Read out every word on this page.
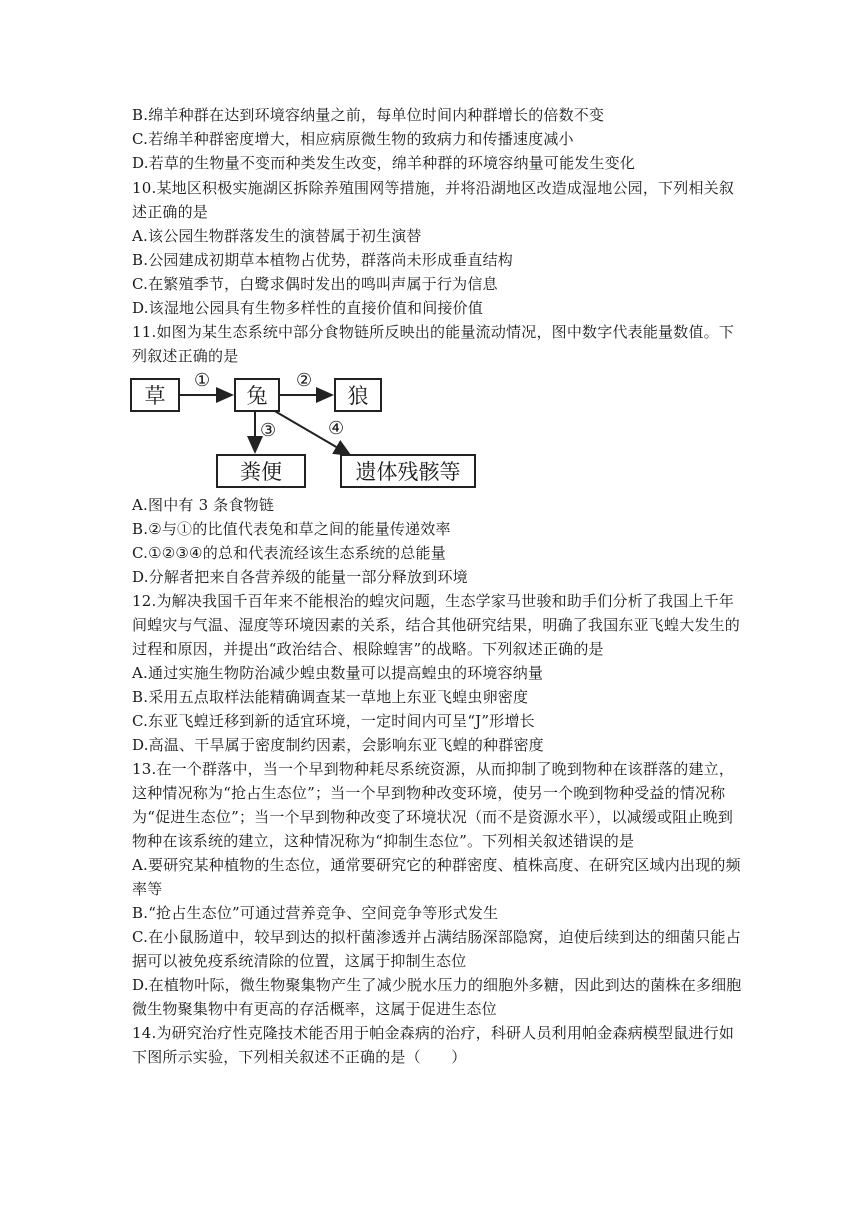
B.绵羊种群在达到环境容纳量之前，每单位时间内种群增长的倍数不变
C.若绵羊种群密度增大，相应病原微生物的致病力和传播速度减小
D.若草的生物量不变而种类发生改变，绵羊种群的环境容纳量可能发生变化
10.某地区积极实施湖区拆除养殖围网等措施，并将沿湖地区改造成湿地公园，下列相关叙
述正确的是
A.该公园生物群落发生的演替属于初生演替
B.公园建成初期草本植物占优势，群落尚未形成垂直结构
C.在繁殖季节，白鹭求偶时发出的鸣叫声属于行为信息
D.该湿地公园具有生物多样性的直接价值和间接价值
11.如图为某生态系统中部分食物链所反映出的能量流动情况，图中数字代表能量数值。下
列叙述正确的是
草	兔	狼
粪便	遗体残骸等
①	②
③	④
A.图中有 3 条食物链
B.②与①的比值代表兔和草之间的能量传递效率
C.①②③④的总和代表流经该生态系统的总能量
D.分解者把来自各营养级的能量一部分释放到环境
12.为解决我国千百年来不能根治的蝗灾问题，生态学家马世骏和助手们分析了我国上千年
间蝗灾与气温、湿度等环境因素的关系，结合其他研究结果，明确了我国东亚飞蝗大发生的
过程和原因，并提出“政治结合、根除蝗害”的战略。下列叙述正确的是
A.通过实施生物防治减少蝗虫数量可以提高蝗虫的环境容纳量
B.采用五点取样法能精确调查某一草地上东亚飞蝗虫卵密度
C.东亚飞蝗迁移到新的适宜环境，一定时间内可呈“J”形增长
D.高温、干旱属于密度制约因素，会影响东亚飞蝗的种群密度
13.在一个群落中，当一个早到物种耗尽系统资源，从而抑制了晚到物种在该群落的建立，
这种情况称为“抢占生态位”；当一个早到物种改变环境，使另一个晚到物种受益的情况称
为“促进生态位”；当一个早到物种改变了环境状况（而不是资源水平），以减缓或阻止晚到
物种在该系统的建立，这种情况称为“抑制生态位”。下列相关叙述错误的是
A.要研究某种植物的生态位，通常要研究它的种群密度、植株高度、在研究区域内出现的频
率等
B.“抢占生态位”可通过营养竞争、空间竞争等形式发生
C.在小鼠肠道中，较早到达的拟杆菌渗透并占满结肠深部隐窝，迫使后续到达的细菌只能占
据可以被免疫系统清除的位置，这属于抑制生态位
D.在植物叶际，微生物聚集物产生了减少脱水压力的细胞外多糖，因此到达的菌株在多细胞
微生物聚集物中有更高的存活概率，这属于促进生态位
14.为研究治疗性克隆技术能否用于帕金森病的治疗，科研人员利用帕金森病模型鼠进行如
下图所示实验，下列相关叙述不正确的是（　　）
